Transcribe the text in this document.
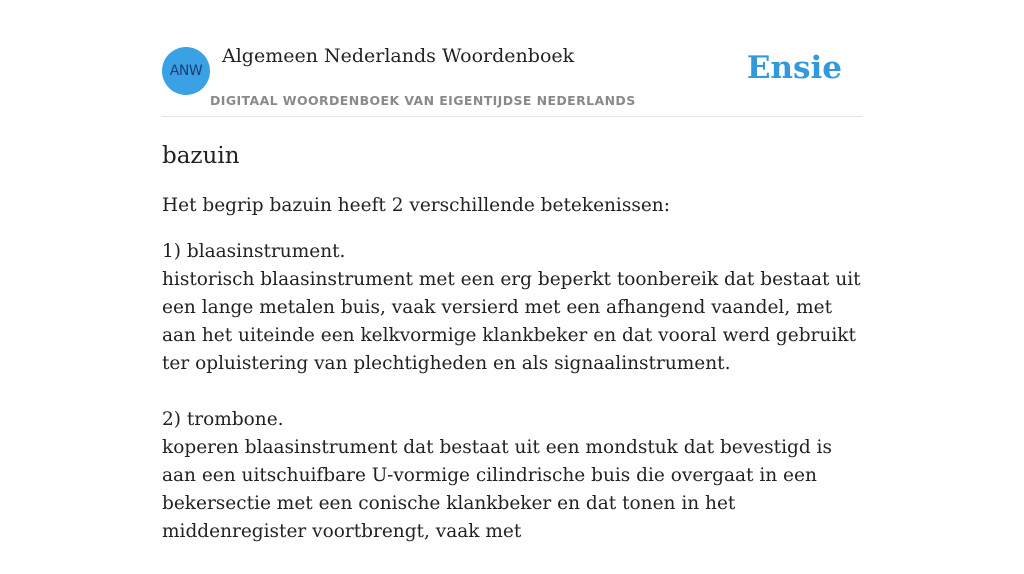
ANW
Algemeen Nederlands Woordenboek
DIGITAAL WOORDENBOEK VAN EIGENTIJDSE NEDERLANDS
Ensie
bazuin

Het begrip bazuin heeft 2 verschillende betekenissen:

1) blaasinstrument.

historisch blaasinstrument met een erg beperkt toonbereik dat bestaat uit een lange metalen buis, vaak versierd met een afhangend vaandel, met aan het uiteinde een kelkvormige klankbeker en dat vooral werd gebruikt ter opluistering van plechtigheden en als signaalinstrument.

2) trombone.

koperen blaasinstrument dat bestaat uit een mondstuk dat bevestigd is aan een uitschuifbare U-vormige cilindrische buis die overgaat in een bekersectie met een conische klankbeker en dat tonen in het middenregister voortbrengt, vaak met
